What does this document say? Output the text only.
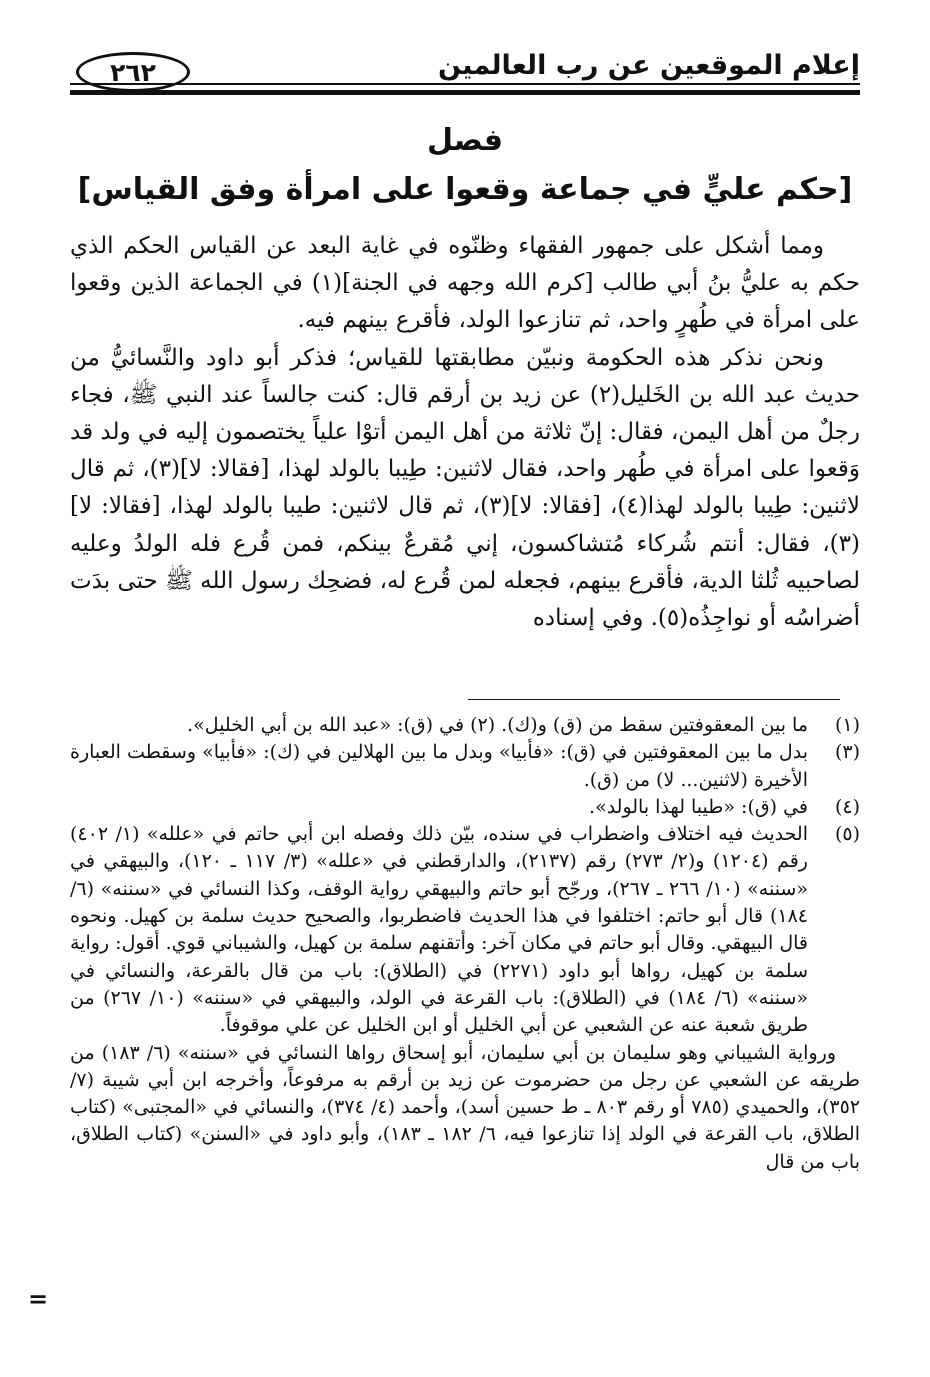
إعلام الموقعين عن رب العالمين
٢٦٢
فصل
[حكم عليٍّ في جماعة وقعوا على امرأة وفق القياس]

ومما أشكل على جمهور الفقهاء وظنّوه في غاية البعد عن القياس الحكم الذي حكم به عليُّ بنُ أبي طالب [كرم الله وجهه في الجنة](١) في الجماعة الذين وقعوا على امرأة في طُهرٍ واحد، ثم تنازعوا الولد، فأقرع بينهم فيه.

ونحن نذكر هذه الحكومة ونبيّن مطابقتها للقياس؛ فذكر أبو داود والنَّسائيُّ من حديث عبد الله بن الخَليل(٢) عن زيد بن أرقم قال: كنت جالساً عند النبي ﷺ، فجاء رجلٌ من أهل اليمن، فقال: إنّ ثلاثة من أهل اليمن أتوْا علياً يختصمون إليه في ولد قد وَقعوا على امرأة في طُهر واحد، فقال لاثنين: طِيبا بالولد لهذا، [فقالا: لا](٣)، ثم قال لاثنين: طِيبا بالولد لهذا(٤)، [فقالا: لا](٣)، ثم قال لاثنين: طيبا بالولد لهذا، [فقالا: لا](٣)، فقال: أنتم شُركاء مُتشاكسون، إني مُقرعٌ بينكم، فمن قُرع فله الولدُ وعليه لصاحبيه ثُلثا الدية، فأقرع بينهم، فجعله لمن قُرع له، فضحِك رسول الله ﷺ حتى بدَت أضراسُه أو نواجِذُه(٥). وفي إسناده

(١)
ما بين المعقوفتين سقط من (ق) و(ك). (٢) في (ق): «عبد الله بن أبي الخليل».
(٣)
بدل ما بين المعقوفتين في (ق): «فأبيا» وبدل ما بين الهلالين في (ك): «فأبيا» وسقطت العبارة الأخيرة (لاثنين... لا) من (ق).
(٤)
في (ق): «طيبا لهذا بالولد».
(٥)
الحديث فيه اختلاف واضطراب في سنده، بيّن ذلك وفصله ابن أبي حاتم في «علله» (١/ ٤٠٢) رقم (١٢٠٤) و(٢/ ٢٧٣) رقم (٢١٣٧)، والدارقطني في «علله» (٣/ ١١٧ ـ ١٢٠)، والبيهقي في «سننه» (١٠/ ٢٦٦ ـ ٢٦٧)، ورجّح أبو حاتم والبيهقي رواية الوقف، وكذا النسائي في «سننه» (٦/ ١٨٤) قال أبو حاتم: اختلفوا في هذا الحديث فاضطربوا، والصحيح حديث سلمة بن كهيل. ونحوه قال البيهقي. وقال أبو حاتم في مكان آخر: وأتقنهم سلمة بن كهيل، والشيباني قوي. أقول: رواية سلمة بن كهيل، رواها أبو داود (٢٢٧١) في (الطلاق): باب من قال بالقرعة، والنسائي في «سننه» (٦/ ١٨٤) في (الطلاق): باب القرعة في الولد، والبيهقي في «سننه» (١٠/ ٢٦٧) من طريق شعبة عنه عن الشعبي عن أبي الخليل أو ابن الخليل عن علي موقوفاً.

ورواية الشيباني وهو سليمان بن أبي سليمان، أبو إسحاق رواها النسائي في «سننه» (٦/ ١٨٣) من طريقه عن الشعبي عن رجل من حضرموت عن زيد بن أرقم به مرفوعاً، وأخرجه ابن أبي شيبة (٧/ ٣٥٢)، والحميدي (٧٨٥ أو رقم ٨٠٣ ـ ط حسين أسد)، وأحمد (٤/ ٣٧٤)، والنسائي في «المجتبى» (كتاب الطلاق، باب القرعة في الولد إذا تنازعوا فيه، ٦/ ١٨٢ ـ ١٨٣)، وأبو داود في «السنن» (كتاب الطلاق، باب من قال

=
